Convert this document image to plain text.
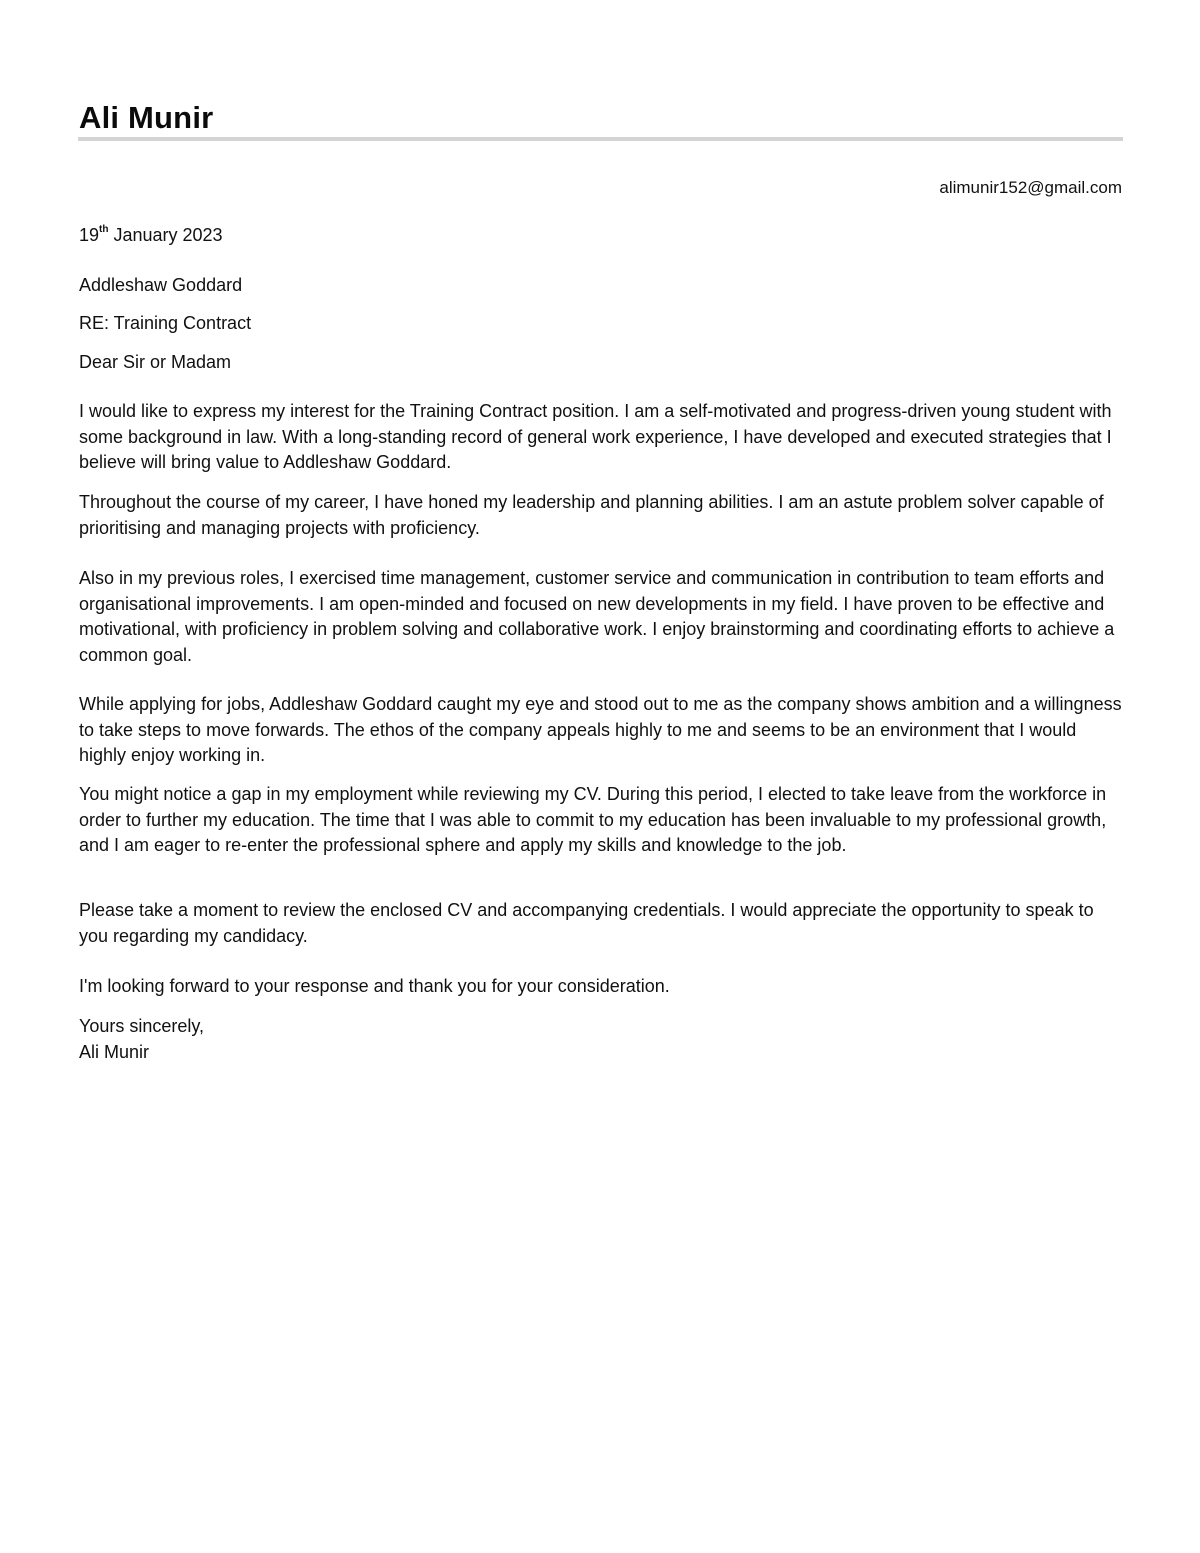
Ali Munir
alimunir152@gmail.com

19th January 2023

Addleshaw Goddard

RE: Training Contract

Dear Sir or Madam

I would like to express my interest for the Training Contract position. I am a self-motivated and progress-driven young student with some background in law. With a long-standing record of general work experience, I have developed and executed strategies that I believe will bring value to Addleshaw Goddard.

Throughout the course of my career, I have honed my leadership and planning abilities. I am an astute problem solver capable of prioritising and managing projects with proficiency.

Also in my previous roles, I exercised time management, customer service and communication in contribution to team efforts and organisational improvements. I am open-minded and focused on new developments in my field. I have proven to be effective and motivational, with proficiency in problem solving and collaborative work. I enjoy brainstorming and coordinating efforts to achieve a common goal.

While applying for jobs, Addleshaw Goddard caught my eye and stood out to me as the company shows ambition and a willingness to take steps to move forwards. The ethos of the company appeals highly to me and seems to be an environment that I would highly enjoy working in.

You might notice a gap in my employment while reviewing my CV. During this period, I elected to take leave from the workforce in order to further my education. The time that I was able to commit to my education has been invaluable to my professional growth, and I am eager to re-enter the professional sphere and apply my skills and knowledge to the job.

Please take a moment to review the enclosed CV and accompanying credentials. I would appreciate the opportunity to speak to you regarding my candidacy.

I'm looking forward to your response and thank you for your consideration.

Yours sincerely,

Ali Munir
